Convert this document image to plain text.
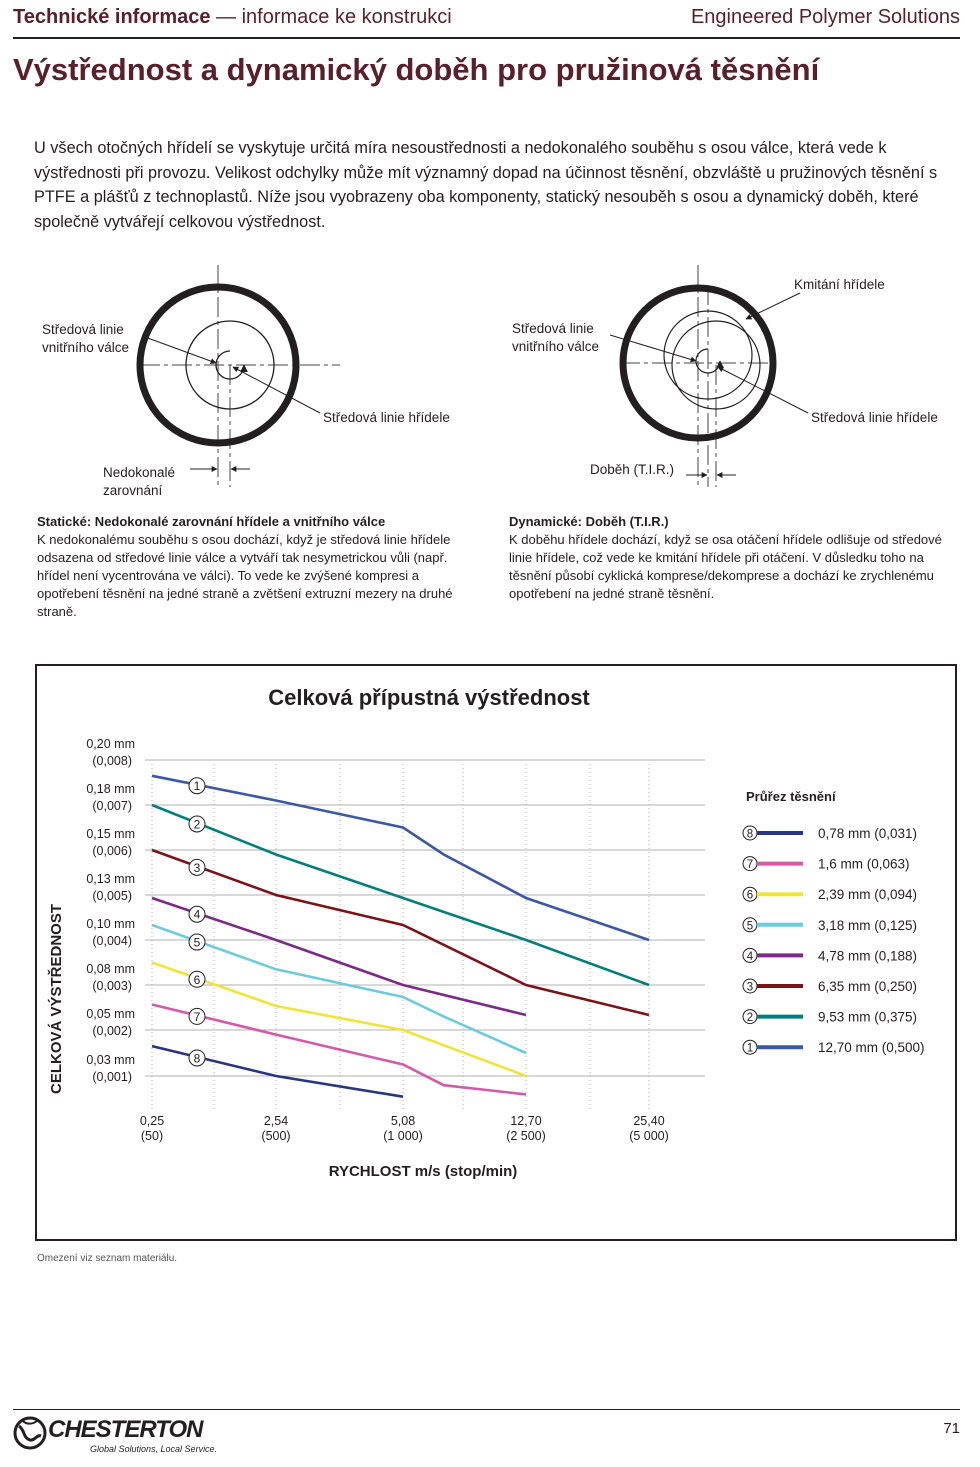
Technické informace — informace ke konstrukci	Engineered Polymer Solutions
Výstřednost a dynamický doběh pro pružinová těsnění

U všech otočných hřídelí se vyskytuje určitá míra nesoustřednosti a nedokonalého souběhu s osou válce, která vede k výstřednosti při provozu. Velikost odchylky může mít významný dopad na účinnost těsnění, obzvláště u pružinových těsnění s PTFE a plášťů z technoplastů. Níže jsou vyobrazeny oba komponenty, statický nesouběh s osou a dynamický doběh, které společně vytvářejí celkovou výstřednost.

Středová linie
vnitřního válce
Středová linie hřídele
Nedokonalé
zarovnání
Kmitání hřídele
Středová linie
vnitřního válce
Středová linie hřídele
Doběh (T.I.R.)
Statické: Nedokonalé zarovnání hřídele a vnitřního válce
K nedokonalému souběhu s osou dochází, když je středová linie hřídele odsazena od středové linie válce a vytváří tak nesymetrickou vůli (např. hřídel není vycentrována ve válci). To vede ke zvýšené kompresi a opotřebení těsnění na jedné straně a zvětšení extruzní mezery na druhé straně.
Dynamické: Doběh (T.I.R.)
K doběhu hřídele dochází, když se osa otáčení hřídele odlišuje od středové linie hřídele, což vede ke kmitání hřídele při otáčení. V důsledku toho na těsnění působí cyklická komprese/dekomprese a dochází ke zrychlenému opotřebení na jedné straně těsnění.
Celková přípustná výstřednost
CELKOVÁ VÝSTŘEDNOST
RYCHLOST m/s (stop/min)
Průřez těsnění
1
2
3
4
5
6
7
8
0,20 mm
(0,008)
0,18 mm
(0,007)
0,15 mm
(0,006)
0,13 mm
(0,005)
0,10 mm
(0,004)
0,08 mm
(0,003)
0,05 mm
(0,002)
0,03 mm
(0,001)
0,25
(50)
2,54
(500)
5,08
(1 000)
12,70
(2 500)
25,40
(5 000)
8	0,78 mm (0,031)
7	1,6 mm (0,063)
6	2,39 mm (0,094)
5	3,18 mm (0,125)
4	4,78 mm (0,188)
3	6,35 mm (0,250)
2	9,53 mm (0,375)
1	12,70 mm (0,500)
Omezení viz seznam materiálu.
CHESTERTON
Global Solutions, Local Service.
71
